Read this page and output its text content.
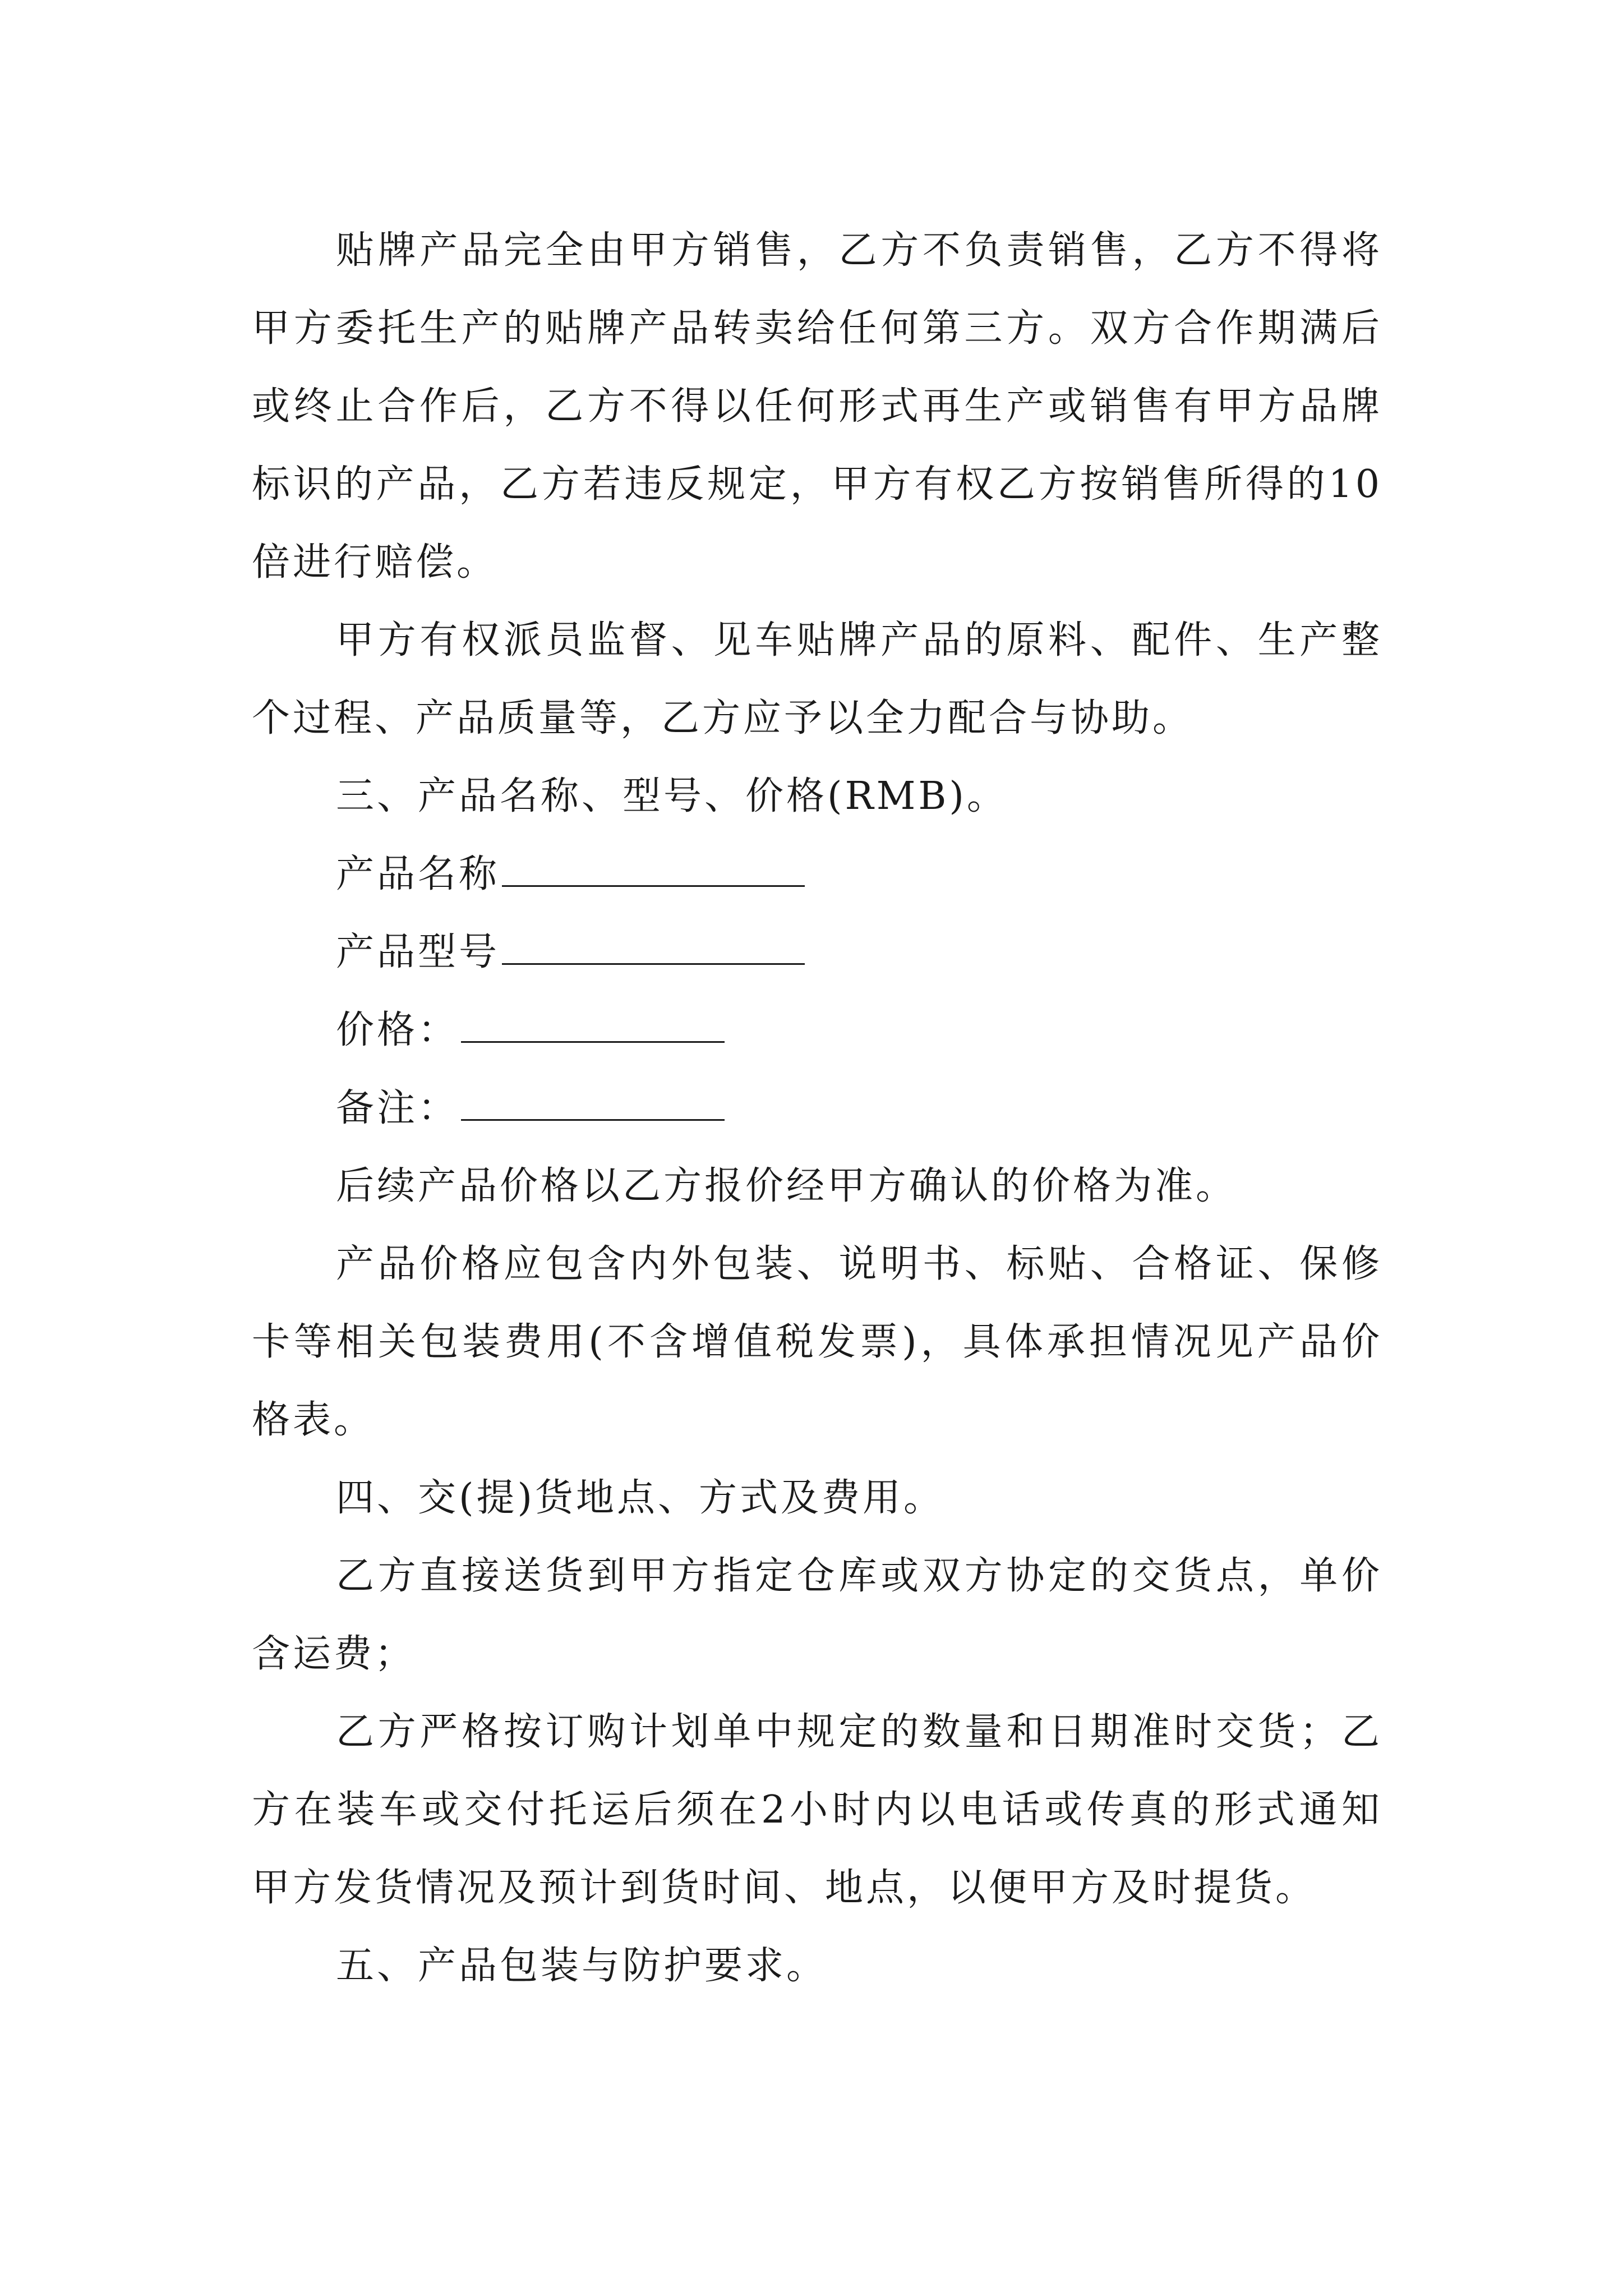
贴牌产品完全由甲方销售，乙方不负责销售，乙方不得将甲方委托生产的贴牌产品转卖给任何第三方。双方合作期满后或终止合作后，乙方不得以任何形式再生产或销售有甲方品牌标识的产品，乙方若违反规定，甲方有权乙方按销售所得的10倍进行赔偿。

甲方有权派员监督、见车贴牌产品的原料、配件、生产整个过程、产品质量等，乙方应予以全力配合与协助。

三、产品名称、型号、价格(RMB)。

产品名称

产品型号

价格：

备注：

后续产品价格以乙方报价经甲方确认的价格为准。

产品价格应包含内外包装、说明书、标贴、合格证、保修卡等相关包装费用(不含增值税发票)，具体承担情况见产品价格表。

四、交(提)货地点、方式及费用。

乙方直接送货到甲方指定仓库或双方协定的交货点，单价含运费；

乙方严格按订购计划单中规定的数量和日期准时交货；乙方在装车或交付托运后须在2小时内以电话或传真的形式通知甲方发货情况及预计到货时间、地点，以便甲方及时提货。

五、产品包装与防护要求。
